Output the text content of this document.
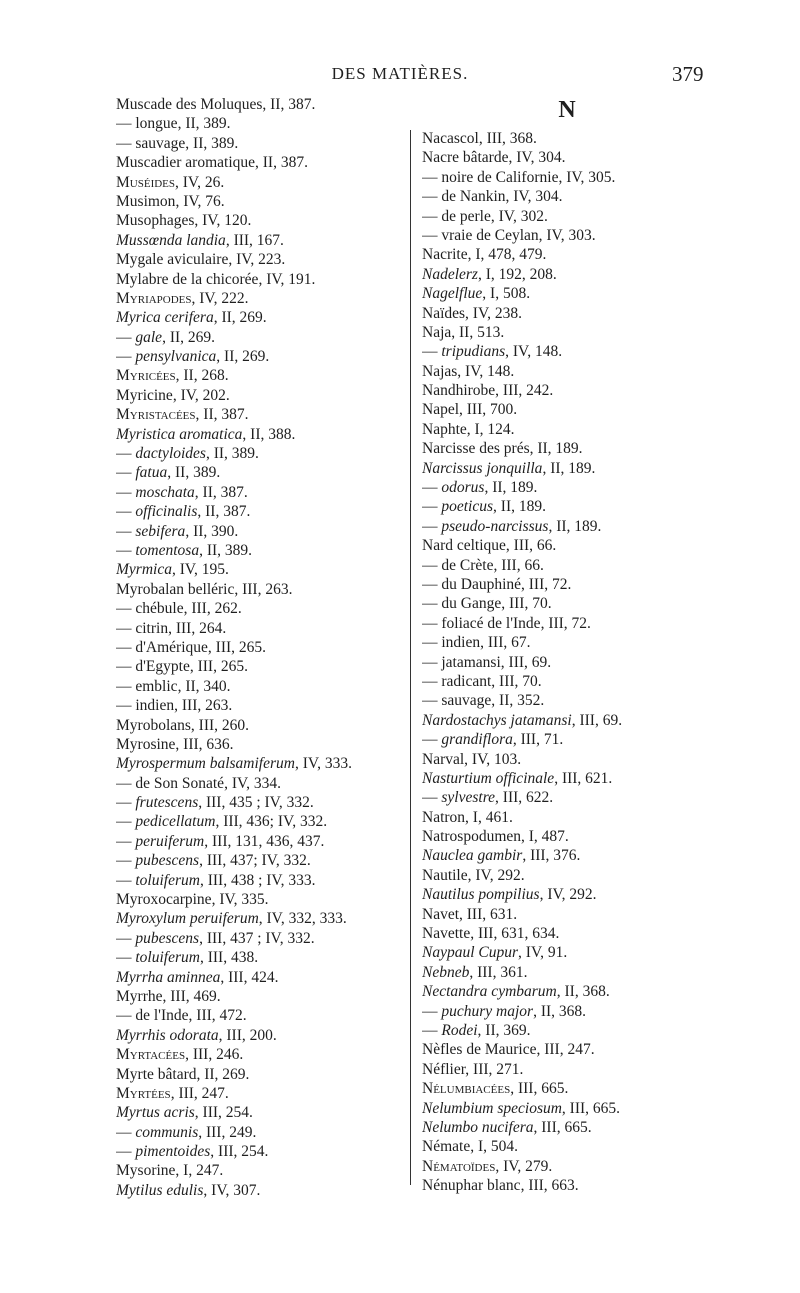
DES MATIÈRES.	379
Muscade des Moluques, II, 387.
— longue, II, 389.
— sauvage, II, 389.
Muscadier aromatique, II, 387.
Muséides, IV, 26.
Musimon, IV, 76.
Musophages, IV, 120.
Mussœnda landia, III, 167.
Mygale aviculaire, IV, 223.
Mylabre de la chicorée, IV, 191.
Myriapodes, IV, 222.
Myrica cerifera, II, 269.
— gale, II, 269.
— pensylvanica, II, 269.
Myricées, II, 268.
Myricine, IV, 202.
Myristacées, II, 387.
Myristica aromatica, II, 388.
— dactyloides, II, 389.
— fatua, II, 389.
— moschata, II, 387.
— officinalis, II, 387.
— sebifera, II, 390.
— tomentosa, II, 389.
Myrmica, IV, 195.
Myrobalan belléric, III, 263.
— chébule, III, 262.
— citrin, III, 264.
— d'Amérique, III, 265.
— d'Egypte, III, 265.
— emblic, II, 340.
— indien, III, 263.
Myrobolans, III, 260.
Myrosine, III, 636.
Myrospermum balsamiferum, IV, 333.
— de Son Sonaté, IV, 334.
— frutescens, III, 435 ; IV, 332.
— pedicellatum, III, 436; IV, 332.
— peruiferum, III, 131, 436, 437.
— pubescens, III, 437; IV, 332.
— toluiferum, III, 438 ; IV, 333.
Myroxocarpine, IV, 335.
Myroxylum peruiferum, IV, 332, 333.
— pubescens, III, 437 ; IV, 332.
— toluiferum, III, 438.
Myrrha aminnea, III, 424.
Myrrhe, III, 469.
— de l'Inde, III, 472.
Myrrhis odorata, III, 200.
Myrtacées, III, 246.
Myrte bâtard, II, 269.
Myrtées, III, 247.
Myrtus acris, III, 254.
— communis, III, 249.
— pimentoides, III, 254.
Mysorine, I, 247.
Mytilus edulis, IV, 307.
N
Nacascol, III, 368.
Nacre bâtarde, IV, 304.
— noire de Californie, IV, 305.
— de Nankin, IV, 304.
— de perle, IV, 302.
— vraie de Ceylan, IV, 303.
Nacrite, I, 478, 479.
Nadelerz, I, 192, 208.
Nagelflue, I, 508.
Naïdes, IV, 238.
Naja, II, 513.
— tripudians, IV, 148.
Najas, IV, 148.
Nandhirobe, III, 242.
Napel, III, 700.
Naphte, I, 124.
Narcisse des prés, II, 189.
Narcissus jonquilla, II, 189.
— odorus, II, 189.
— poeticus, II, 189.
— pseudo-narcissus, II, 189.
Nard celtique, III, 66.
— de Crète, III, 66.
— du Dauphiné, III, 72.
— du Gange, III, 70.
— foliacé de l'Inde, III, 72.
— indien, III, 67.
— jatamansi, III, 69.
— radicant, III, 70.
— sauvage, II, 352.
Nardostachys jatamansi, III, 69.
— grandiflora, III, 71.
Narval, IV, 103.
Nasturtium officinale, III, 621.
— sylvestre, III, 622.
Natron, I, 461.
Natrospodumen, I, 487.
Nauclea gambir, III, 376.
Nautile, IV, 292.
Nautilus pompilius, IV, 292.
Navet, III, 631.
Navette, III, 631, 634.
Naypaul Cupur, IV, 91.
Nebneb, III, 361.
Nectandra cymbarum, II, 368.
— puchury major, II, 368.
— Rodei, II, 369.
Nèfles de Maurice, III, 247.
Néflier, III, 271.
Nélumbiacées, III, 665.
Nelumbium speciosum, III, 665.
Nelumbo nucifera, III, 665.
Némate, I, 504.
Nématoïdes, IV, 279.
Nénuphar blanc, III, 663.
